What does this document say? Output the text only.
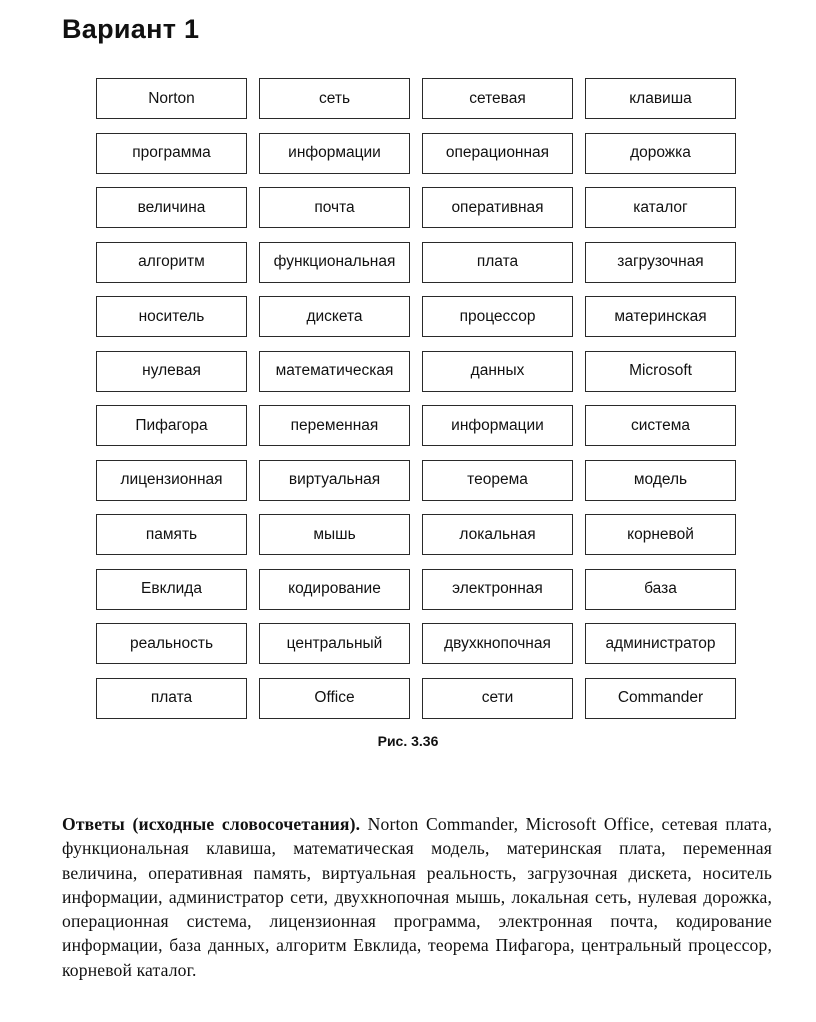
Вариант 1
Norton	сеть	сетевая	клавиша
программа	информации	операционная	дорожка
величина	почта	оперативная	каталог
алгоритм	функциональная	плата	загрузочная
носитель	дискета	процессор	материнская
нулевая	математическая	данных	Microsoft
Пифагора	переменная	информации	система
лицензионная	виртуальная	теорема	модель
память	мышь	локальная	корневой
Евклида	кодирование	электронная	база
реальность	центральный	двухкнопочная	администратор
плата	Office	сети	Commander
Рис. 3.36
Ответы (исходные словосочетания). Norton Commander, Microsoft Office, сетевая плата, функциональная клавиша, математическая модель, материнская плата, переменная величина, оперативная память, виртуальная реальность, загрузочная дискета, носитель информации, администратор сети, двухкнопочная мышь, локальная сеть, нулевая дорожка, операционная система, лицензионная программа, электронная почта, кодирование информации, база данных, алгоритм Евклида, теорема Пифагора, центральный процессор, корневой каталог.
